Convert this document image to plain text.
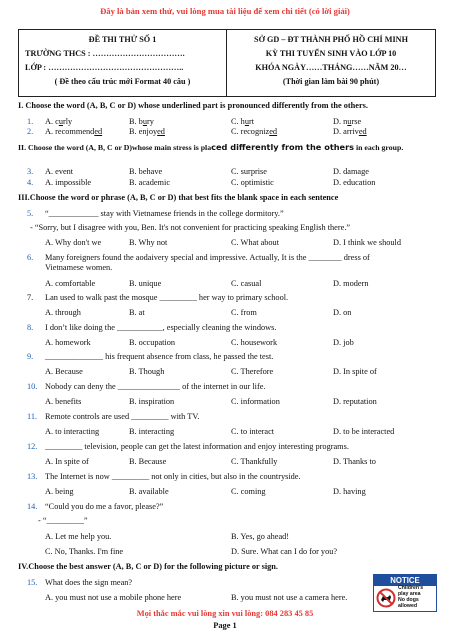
Đây là bản xem thử, vui lòng mua tài liệu để xem chi tiết (có lời giải)
ĐỀ THI THỬ SỐ 1
TRƯỜNG THCS : …………………………….
LỚP : …………………………………………..
( Đề theo cấu trúc mới Format 40 câu )
SỞ GD – ĐT THÀNH PHỐ HỒ CHÍ MINH
KỲ THI TUYỂN SINH VÀO LỚP 10
KHÓA NGÀY……THÁNG……NĂM 20…
(Thời gian làm bài 90 phút)
I. Choose the word (A, B, C or D) whose underlined part is pronounced differently from the others.
1. A. curly	B. bury	C. hurt	D. nurse
2. A. recommended	B. enjoyed	C. recognized	D. arrived
II. Choose the word (A, B, C or D)whose main stress is placed differently from the others in each group.
3. A. event	B. behave	C. surprise	D. damage
4. A. impossible	B. academic	C. optimistic	D. education
III.Choose the word or phrase (A, B, C or D) that best fits the blank space in each sentence
5. “____________ stay with Vietnamese friends in the college dormitory.”
- “Sorry, but I disagree with you, Ben. It's not convenient for practicing speaking English there.”
A. Why don't we	B. Why not	C. What about	D. I think we should
6. Many foreigners found the aodaivery special and impressive. Actually, It is the ________ dress of
Vietnamese women.
A. comfortable	B. unique	C. casual	D. modern
7. Lan used to walk past the mosque _________ her way to primary school.
A. through	B. at	C. from	D. on
8. I don’t like doing the ___________, especially cleaning the windows.
A. homework	B. occupation	C. housework	D. job
9. ______________ his frequent absence from class, he passed the test.
A. Because	B. Though	C. Therefore	D. In spite of
10. Nobody can deny the _______________ of the internet in our life.
A. benefits	B. inspiration	C. information	D. reputation
11. Remote controls are used _________ with TV.
A. to interacting	B. interacting	C. to interact	D. to be interacted
12. _________ television, people can get the latest information and enjoy interesting programs.
A. In spite of	B. Because	C. Thankfully	D. Thanks to
13. The Internet is now _________ not only in cities, but also in the countryside.
A. being	B. available	C. coming	D. having
14. “Could you do me a favor, please?”
- “_________”
A. Let me help you.	B. Yes, go ahead!
C. No, Thanks. I'm fine	D. Sure. What can I do for you?
IV.Choose the best answer (A, B, C or D) for the following picture or sign.
15. What does the sign mean?
A. you must not use a mobile phone here	B. you must not use a camera here.
NOTICE
Children's
play area
No dogs
allowed
Mọi thắc mắc vui lòng xin vui lòng: 084 283 45 85
Page 1
